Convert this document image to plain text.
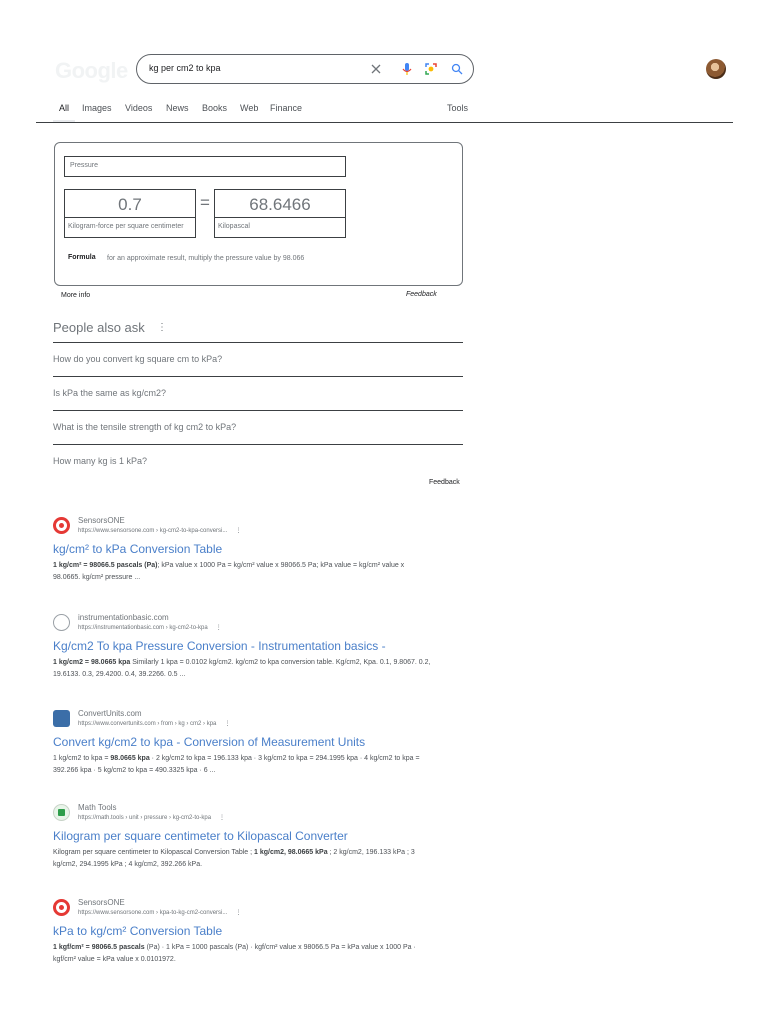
Google kg per cm2 to kpa
All Images Videos News Books Web Finance	Tools
Pressure
0.7	=	68.6466
Kilogram-force per square centimeter	Kilopascal
Formula for an approximate result, multiply the pressure value by 98.066
More info	Feedback
People also ask ⋮
How do you convert kg square cm to kPa?
Is kPa the same as kg/cm2?
What is the tensile strength of kg cm2 to kPa?
How many kg is 1 kPa?
Feedback
SensorsONE
https://www.sensorsone.com › kg-cm2-to-kpa-conversi... ⋮
kg/cm² to kPa Conversion Table
1 kg/cm² = 98066.5 pascals (Pa); kPa value x 1000 Pa = kg/cm² value x 98066.5 Pa; kPa value = kg/cm² value x 98.0665. kg/cm² pressure ...
instrumentationbasic.com
https://instrumentationbasic.com › kg-cm2-to-kpa ⋮
Kg/cm2 To kpa Pressure Conversion - Instrumentation basics -
1 kg/cm2 = 98.0665 kpa Similarly 1 kpa = 0.0102 kg/cm2. kg/cm2 to kpa conversion table. Kg/cm2, Kpa. 0.1, 9.8067. 0.2, 19.6133. 0.3, 29.4200. 0.4, 39.2266. 0.5 ...
ConvertUnits.com
https://www.convertunits.com › from › kg › cm2 › kpa ⋮
Convert kg/cm2 to kpa - Conversion of Measurement Units
1 kg/cm2 to kpa = 98.0665 kpa · 2 kg/cm2 to kpa = 196.133 kpa · 3 kg/cm2 to kpa = 294.1995 kpa · 4 kg/cm2 to kpa = 392.266 kpa · 5 kg/cm2 to kpa = 490.3325 kpa · 6 ...
Math Tools
https://math.tools › unit › pressure › kg-cm2-to-kpa ⋮
Kilogram per square centimeter to Kilopascal Converter
Kilogram per square centimeter to Kilopascal Conversion Table ; 1 kg/cm2, 98.0665 kPa ; 2 kg/cm2, 196.133 kPa ; 3 kg/cm2, 294.1995 kPa ; 4 kg/cm2, 392.266 kPa.
SensorsONE
https://www.sensorsone.com › kpa-to-kg-cm2-conversi... ⋮
kPa to kg/cm² Conversion Table
1 kgf/cm² = 98066.5 pascals (Pa) · 1 kPa = 1000 pascals (Pa) · kgf/cm² value x 98066.5 Pa = kPa value x 1000 Pa · kgf/cm² value = kPa value x 0.0101972.
